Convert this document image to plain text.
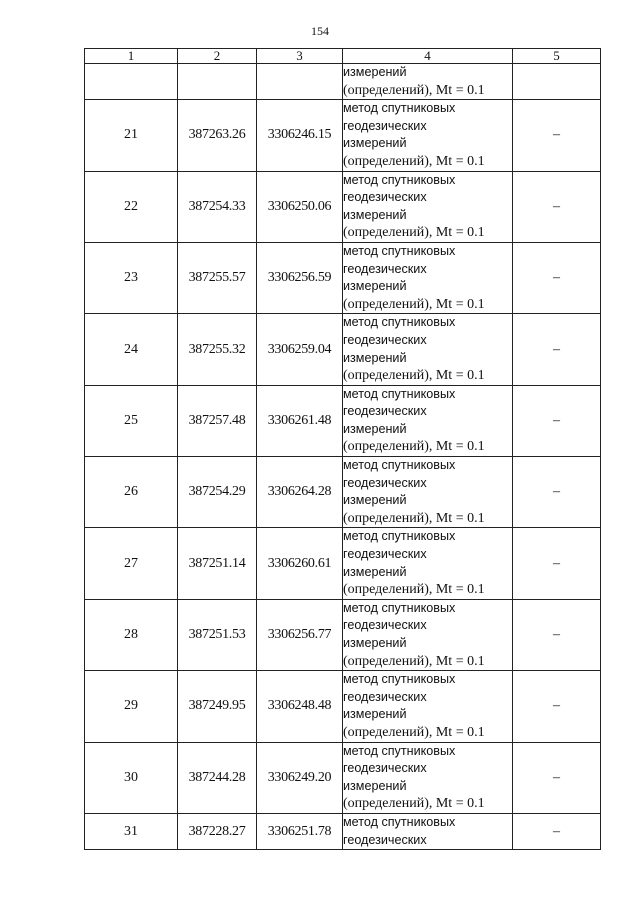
154
1	2	3	4	5

			измерений
(определений), Mt = 0.1	

21	387263.26	3306246.15	метод спутниковых
геодезических
измерений
(определений), Mt = 0.1	–
22	387254.33	3306250.06	метод спутниковых
геодезических
измерений
(определений), Mt = 0.1	–
23	387255.57	3306256.59	метод спутниковых
геодезических
измерений
(определений), Mt = 0.1	–
24	387255.32	3306259.04	метод спутниковых
геодезических
измерений
(определений), Mt = 0.1	–
25	387257.48	3306261.48	метод спутниковых
геодезических
измерений
(определений), Mt = 0.1	–
26	387254.29	3306264.28	метод спутниковых
геодезических
измерений
(определений), Mt = 0.1	–
27	387251.14	3306260.61	метод спутниковых
геодезических
измерений
(определений), Mt = 0.1	–
28	387251.53	3306256.77	метод спутниковых
геодезических
измерений
(определений), Mt = 0.1	–
29	387249.95	3306248.48	метод спутниковых
геодезических
измерений
(определений), Mt = 0.1	–
30	387244.28	3306249.20	метод спутниковых
геодезических
измерений
(определений), Mt = 0.1	–
31	387228.27	3306251.78	метод спутниковых
геодезических	–
